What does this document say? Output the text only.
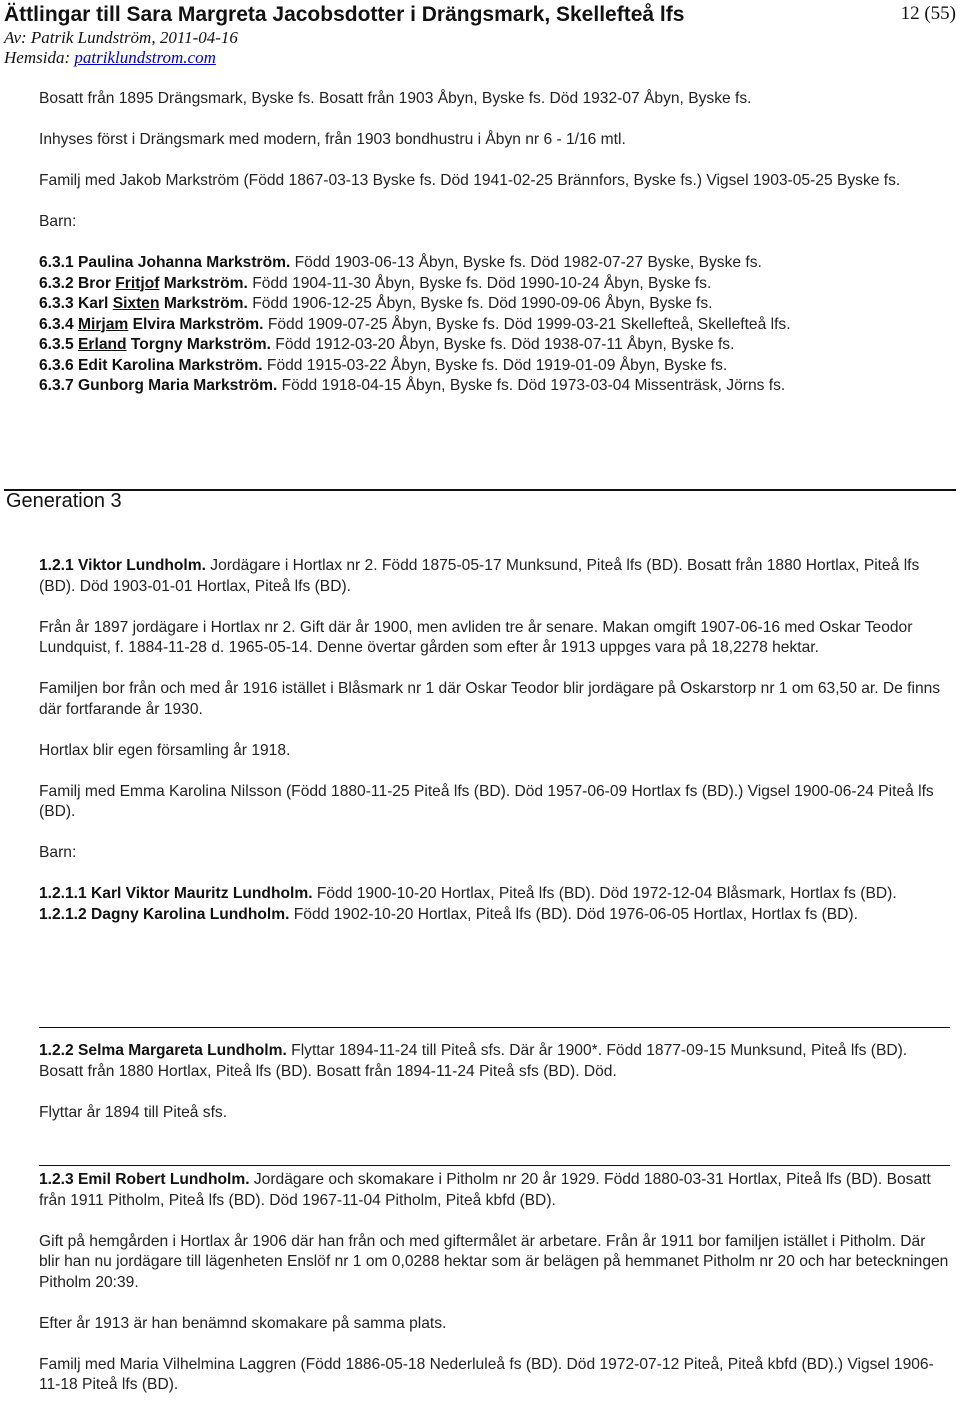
Ättlingar till Sara Margreta Jacobsdotter i Drängsmark, Skellefteå lfs
Av: Patrik Lundström, 2011-04-16
Hemsida: patriklundstrom.com
12 (55)

Bosatt från 1895 Drängsmark, Byske fs. Bosatt från 1903 Åbyn, Byske fs. Död 1932-07 Åbyn, Byske fs.

Inhyses först i Drängsmark med modern, från 1903 bondhustru i Åbyn nr 6 - 1/16 mtl.

Familj med Jakob Markström (Född 1867-03-13 Byske fs. Död 1941-02-25 Brännfors, Byske fs.) Vigsel 1903-05-25 Byske fs.

Barn:

6.3.1 Paulina Johanna Markström. Född 1903-06-13 Åbyn, Byske fs. Död 1982-07-27 Byske, Byske fs.

6.3.2 Bror Fritjof Markström. Född 1904-11-30 Åbyn, Byske fs. Död 1990-10-24 Åbyn, Byske fs.

6.3.3 Karl Sixten Markström. Född 1906-12-25 Åbyn, Byske fs. Död 1990-09-06 Åbyn, Byske fs.

6.3.4 Mirjam Elvira Markström. Född 1909-07-25 Åbyn, Byske fs. Död 1999-03-21 Skellefteå, Skellefteå lfs.

6.3.5 Erland Torgny Markström. Född 1912-03-20 Åbyn, Byske fs. Död 1938-07-11 Åbyn, Byske fs.

6.3.6 Edit Karolina Markström. Född 1915-03-22 Åbyn, Byske fs. Död 1919-01-09 Åbyn, Byske fs.

6.3.7 Gunborg Maria Markström. Född 1918-04-15 Åbyn, Byske fs. Död 1973-03-04 Missenträsk, Jörns fs.

Generation 3

1.2.1 Viktor Lundholm. Jordägare i Hortlax nr 2. Född 1875-05-17 Munksund, Piteå lfs (BD). Bosatt från 1880 Hortlax, Piteå lfs (BD). Död 1903-01-01 Hortlax, Piteå lfs (BD).

Från år 1897 jordägare i Hortlax nr 2. Gift där år 1900, men avliden tre år senare. Makan omgift 1907-06-16 med Oskar Teodor Lundquist, f. 1884-11-28 d. 1965-05-14. Denne övertar gården som efter år 1913 uppges vara på 18,2278 hektar.

Familjen bor från och med år 1916 istället i Blåsmark nr 1 där Oskar Teodor blir jordägare på Oskarstorp nr 1 om 63,50 ar. De finns där fortfarande år 1930.

Hortlax blir egen församling år 1918.

Familj med Emma Karolina Nilsson (Född 1880-11-25 Piteå lfs (BD). Död 1957-06-09 Hortlax fs (BD).) Vigsel 1900-06-24 Piteå lfs (BD).

Barn:

1.2.1.1 Karl Viktor Mauritz Lundholm. Född 1900-10-20 Hortlax, Piteå lfs (BD). Död 1972-12-04 Blåsmark, Hortlax fs (BD).

1.2.1.2 Dagny Karolina Lundholm. Född 1902-10-20 Hortlax, Piteå lfs (BD). Död 1976-06-05 Hortlax, Hortlax fs (BD).

1.2.2 Selma Margareta Lundholm. Flyttar 1894-11-24 till Piteå sfs. Där år 1900*. Född 1877-09-15 Munksund, Piteå lfs (BD). Bosatt från 1880 Hortlax, Piteå lfs (BD). Bosatt från 1894-11-24 Piteå sfs (BD). Död.

Flyttar år 1894 till Piteå sfs.

1.2.3 Emil Robert Lundholm. Jordägare och skomakare i Pitholm nr 20 år 1929. Född 1880-03-31 Hortlax, Piteå lfs (BD). Bosatt från 1911 Pitholm, Piteå lfs (BD). Död 1967-11-04 Pitholm, Piteå kbfd (BD).

Gift på hemgården i Hortlax år 1906 där han från och med giftermålet är arbetare. Från år 1911 bor familjen istället i Pitholm. Där blir han nu jordägare till lägenheten Enslöf nr 1 om 0,0288 hektar som är belägen på hemmanet Pitholm nr 20 och har beteckningen Pitholm 20:39.

Efter år 1913 är han benämnd skomakare på samma plats.

Familj med Maria Vilhelmina Laggren (Född 1886-05-18 Nederluleå fs (BD). Död 1972-07-12 Piteå, Piteå kbfd (BD).) Vigsel 1906-11-18 Piteå lfs (BD).
